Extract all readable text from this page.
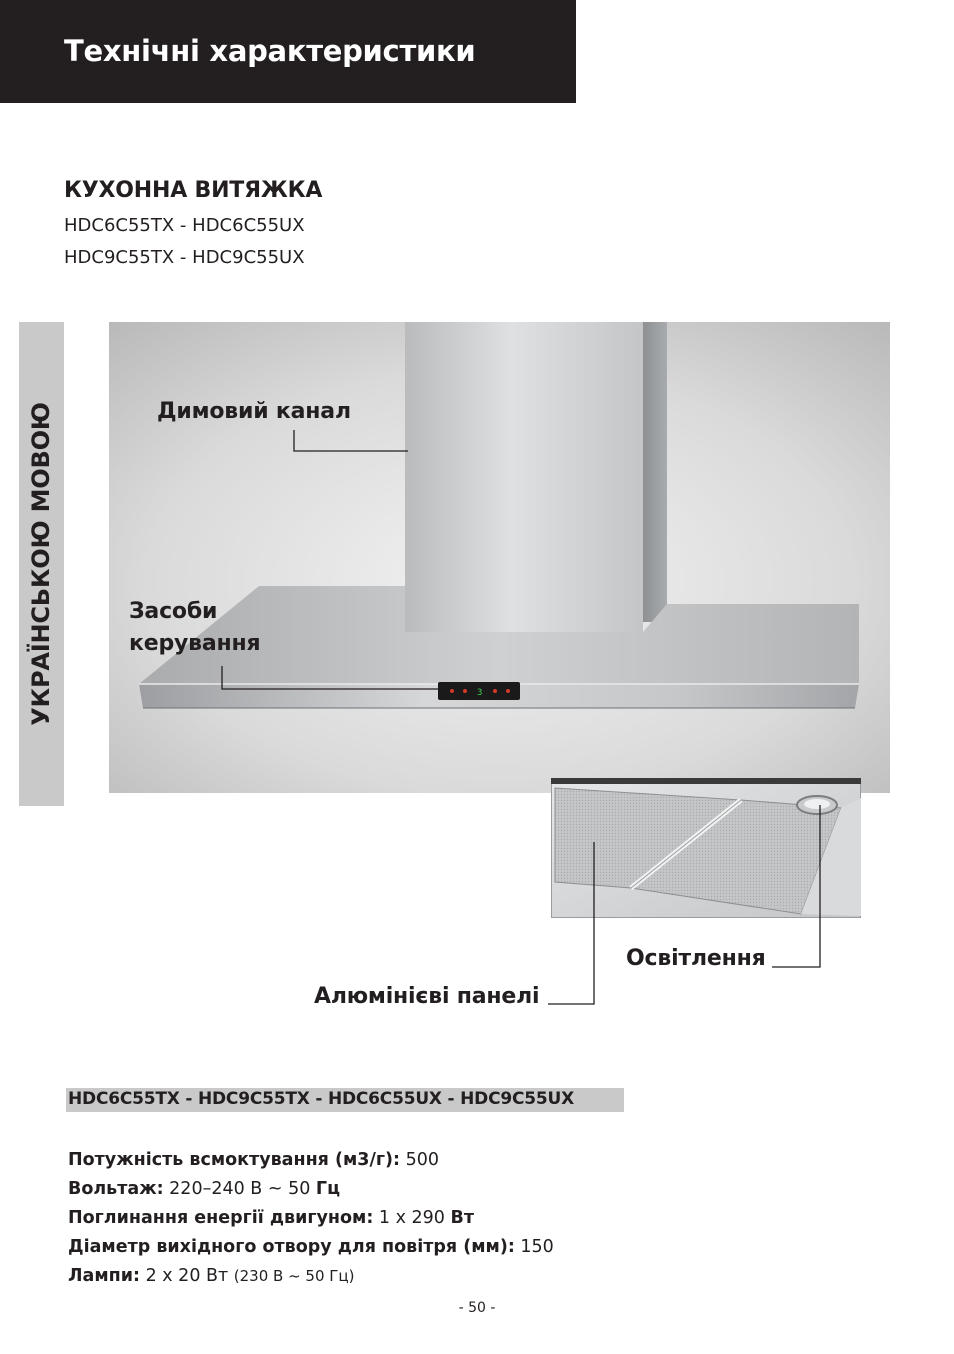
Технічні характеристики
КУХОННА ВИТЯЖКА
HDC6C55TX - HDC6C55UX
HDC9C55TX - HDC9C55UX
УКРАЇНСЬКОЮ МОВОЮ	3
Димовий канал
Засоби
керування
Освітлення
Алюмінієві панелі
HDC6C55TX - HDC9C55TX - HDC6C55UX - HDC9C55UX
Потужність всмоктування (м3/г): 500
Вольтаж: 220–240 В ~ 50 Гц
Поглинання енергії двигуном: 1 х 290 Вт
Діаметр вихідного отвору для повітря (мм): 150
Лампи: 2 х 20 Вт (230 В ~ 50 Гц)
- 50 -
